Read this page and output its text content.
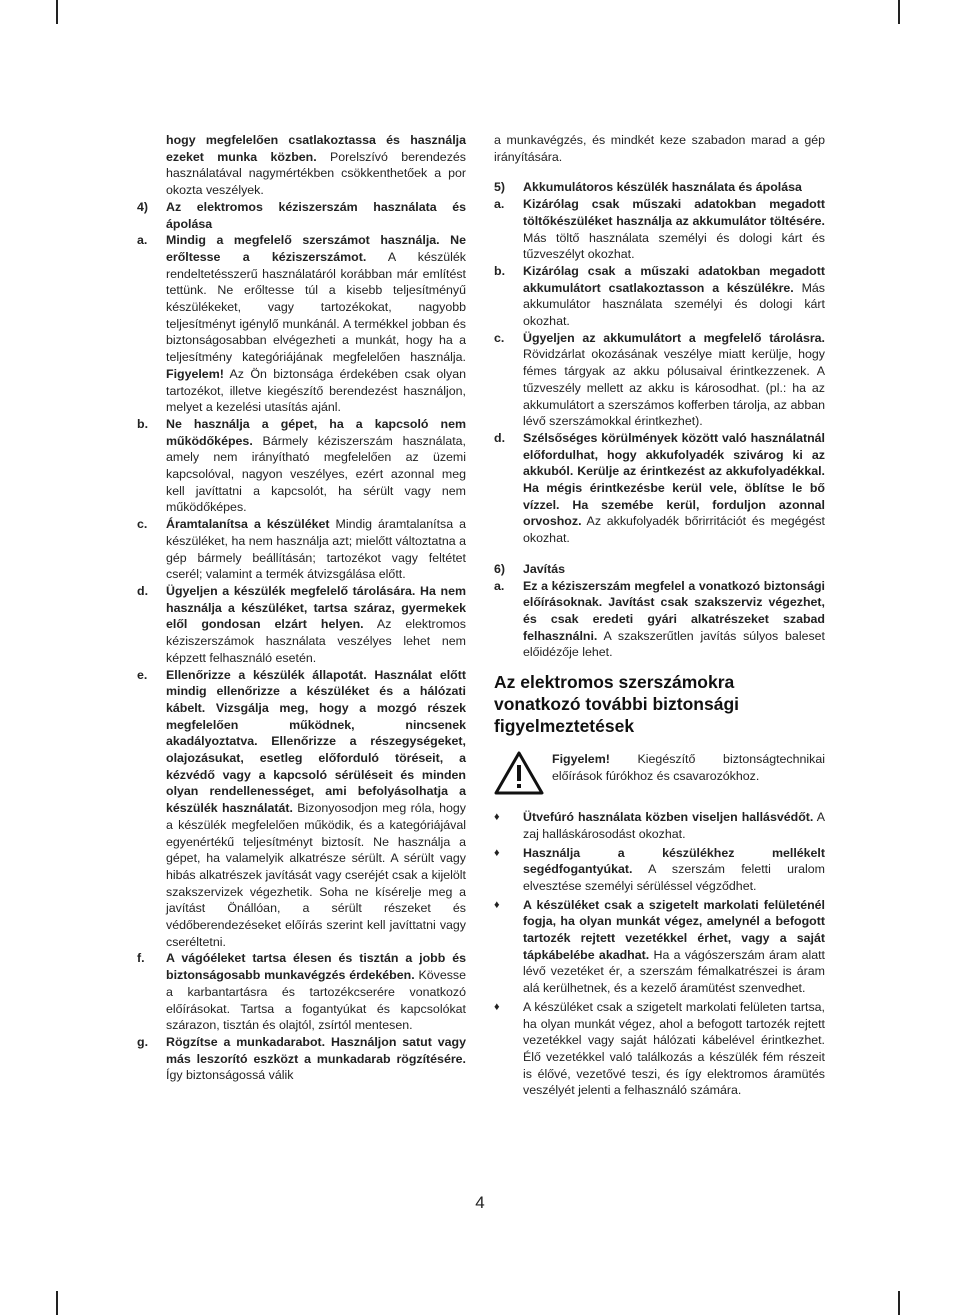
hogy megfelelően csatlakoztassa és használja ezeket munka közben. Porelszívó berendezés használatával nagymértékben csökkenthetőek a por okozta veszélyek.
4)	Az elektromos kéziszerszám használata és ápolása
a.	Mindig a megfelelő szerszámot használja. Ne erőltesse a kéziszerszámot. A készülék rendeltetésszerű használatáról korábban már említést tettünk. Ne erőltesse túl a kisebb teljesítményű készülékeket, vagy tartozékokat, nagyobb teljesítményt igénylő munkánál. A termékkel jobban és biztonságosabban elvégezheti a munkát, hogy ha a teljesítmény kategóriájának megfelelően használja. Figyelem! Az Ön biztonsága érdekében csak olyan tartozékot, illetve kiegészítő berendezést használjon, melyet a kezelési utasítás ajánl.
b.	Ne használja a gépet, ha a kapcsoló nem működőképes. Bármely kéziszerszám használata, amely nem irányítható megfelelően az üzemi kapcsolóval, nagyon veszélyes, ezért azonnal meg kell javíttatni a kapcsolót, ha sérült vagy nem működőképes.
c.	Áramtalanítsa a készüléket Mindig áramtalanítsa a készüléket, ha nem használja azt; mielőtt változtatna a gép bármely beállításán; tartozékot vagy feltétet cserél; valamint a termék átvizsgálása előtt.
d.	Ügyeljen a készülék megfelelő tárolására. Ha nem használja a készüléket, tartsa száraz, gyermekek elől gondosan elzárt helyen. Az elektromos kéziszerszámok használata veszélyes lehet nem képzett felhasználó esetén.
e.	Ellenőrizze a készülék állapotát. Használat előtt mindig ellenőrizze a készüléket és a hálózati kábelt. Vizsgálja meg, hogy a mozgó részek megfelelően működnek, nincsenek akadályoztatva. Ellenőrizze a részegységeket, olajozásukat, esetleg előforduló töréseit, a kézvédő vagy a kapcsoló sérüléseit és minden olyan rendellenességet, ami befolyásolhatja a készülék használatát. Bizonyosodjon meg róla, hogy a készülék megfelelően működik, és a kategóriájával egyenértékű teljesítményt biztosít. Ne használja a gépet, ha valamelyik alkatrésze sérült. A sérült vagy hibás alkatrészek javítását vagy cseréjét csak a kijelölt szakszervizek végezhetik. Soha ne kísérelje meg a javítást Önállóan, a sérült részeket és védőberendezéseket előírás szerint kell javíttatni vagy cseréltetni.
f.	A vágóéleket tartsa élesen és tisztán a jobb és biztonságosabb munkavégzés érdekében. Kövesse a karbantartásra és tartozékcserére vonatkozó előírásokat. Tartsa a fogantyúkat és kapcsolókat szárazon, tisztán és olajtól, zsírtól mentesen.
g.	Rögzítse a munkadarabot. Használjon satut vagy más leszorító eszközt a munkadarab rögzítésére. Így biztonságossá válik

a munkavégzés, és mindkét keze szabadon marad a gép irányítására.

5)	Akkumulátoros készülék használata és ápolása
a.	Kizárólag csak műszaki adatokban megadott töltőkészüléket használja az akkumulátor töltésére. Más töltő használata személyi és dologi kárt és tűzveszélyt okozhat.
b.	Kizárólag csak a műszaki adatokban megadott akkumulátort csatlakoztasson a készülékre. Más akkumulátor használata személyi és dologi kárt okozhat.
c.	Ügyeljen az akkumulátort a megfelelő tárolásra. Rövidzárlat okozásának veszélye miatt kerülje, hogy fémes tárgyak az akku pólusaival érintkezzenek. A tűzveszély mellett az akku is károsodhat. (pl.: ha az akkumulátort a szerszámos kofferben tárolja, az abban lévő szerszámokkal érintkezhet).
d.	Szélsőséges körülmények között való használatnál előfordulhat, hogy akkufolyadék szivárog ki az akkuból. Kerülje az érintkezést az akkufolyadékkal. Ha mégis érintkezésbe kerül vele, öblítse le bő vízzel. Ha szemébe kerül, forduljon azonnal orvoshoz. Az akkufolyadék bőrirritációt és megégést okozhat.
6)	Javítás
a.	Ez a kéziszerszám megfelel a vonatkozó biztonsági előírásoknak. Javítást csak szakszerviz végezhet, és csak eredeti gyári alkatrészeket szabad felhasználni. A szakszerűtlen javítás súlyos baleset előidézője lehet.
Az elektromos szerszámokra vonatkozó további biztonsági figyelmeztetések
Figyelem! Kiegészítő biztonságtechnikai előírások fúrókhoz és csavarozókhoz.
♦	Ütvefúró használata közben viseljen hallásvédőt. A zaj halláskárosodást okozhat.
♦	Használja a készülékhez mellékelt segédfogantyúkat. A szerszám feletti uralom elvesztése személyi sérüléssel végződhet.
♦	A készüléket csak a szigetelt markolati felületénél fogja, ha olyan munkát végez, amelynél a befogott tartozék rejtett vezetékkel érhet, vagy a saját tápkábelébe akadhat. Ha a vágószerszám áram alatt lévő vezetéket ér, a szerszám fémalkatrészei is áram alá kerülhetnek, és a kezelő áramütést szenvedhet.
♦	A készüléket csak a szigetelt markolati felületen tartsa, ha olyan munkát végez, ahol a befogott tartozék rejtett vezetékkel vagy saját hálózati kábelével érintkezhet. Élő vezetékkel való találkozás a készülék fém részeit is élővé, vezetővé teszi, és így elektromos áramütés veszélyét jelenti a felhasználó számára.
4
